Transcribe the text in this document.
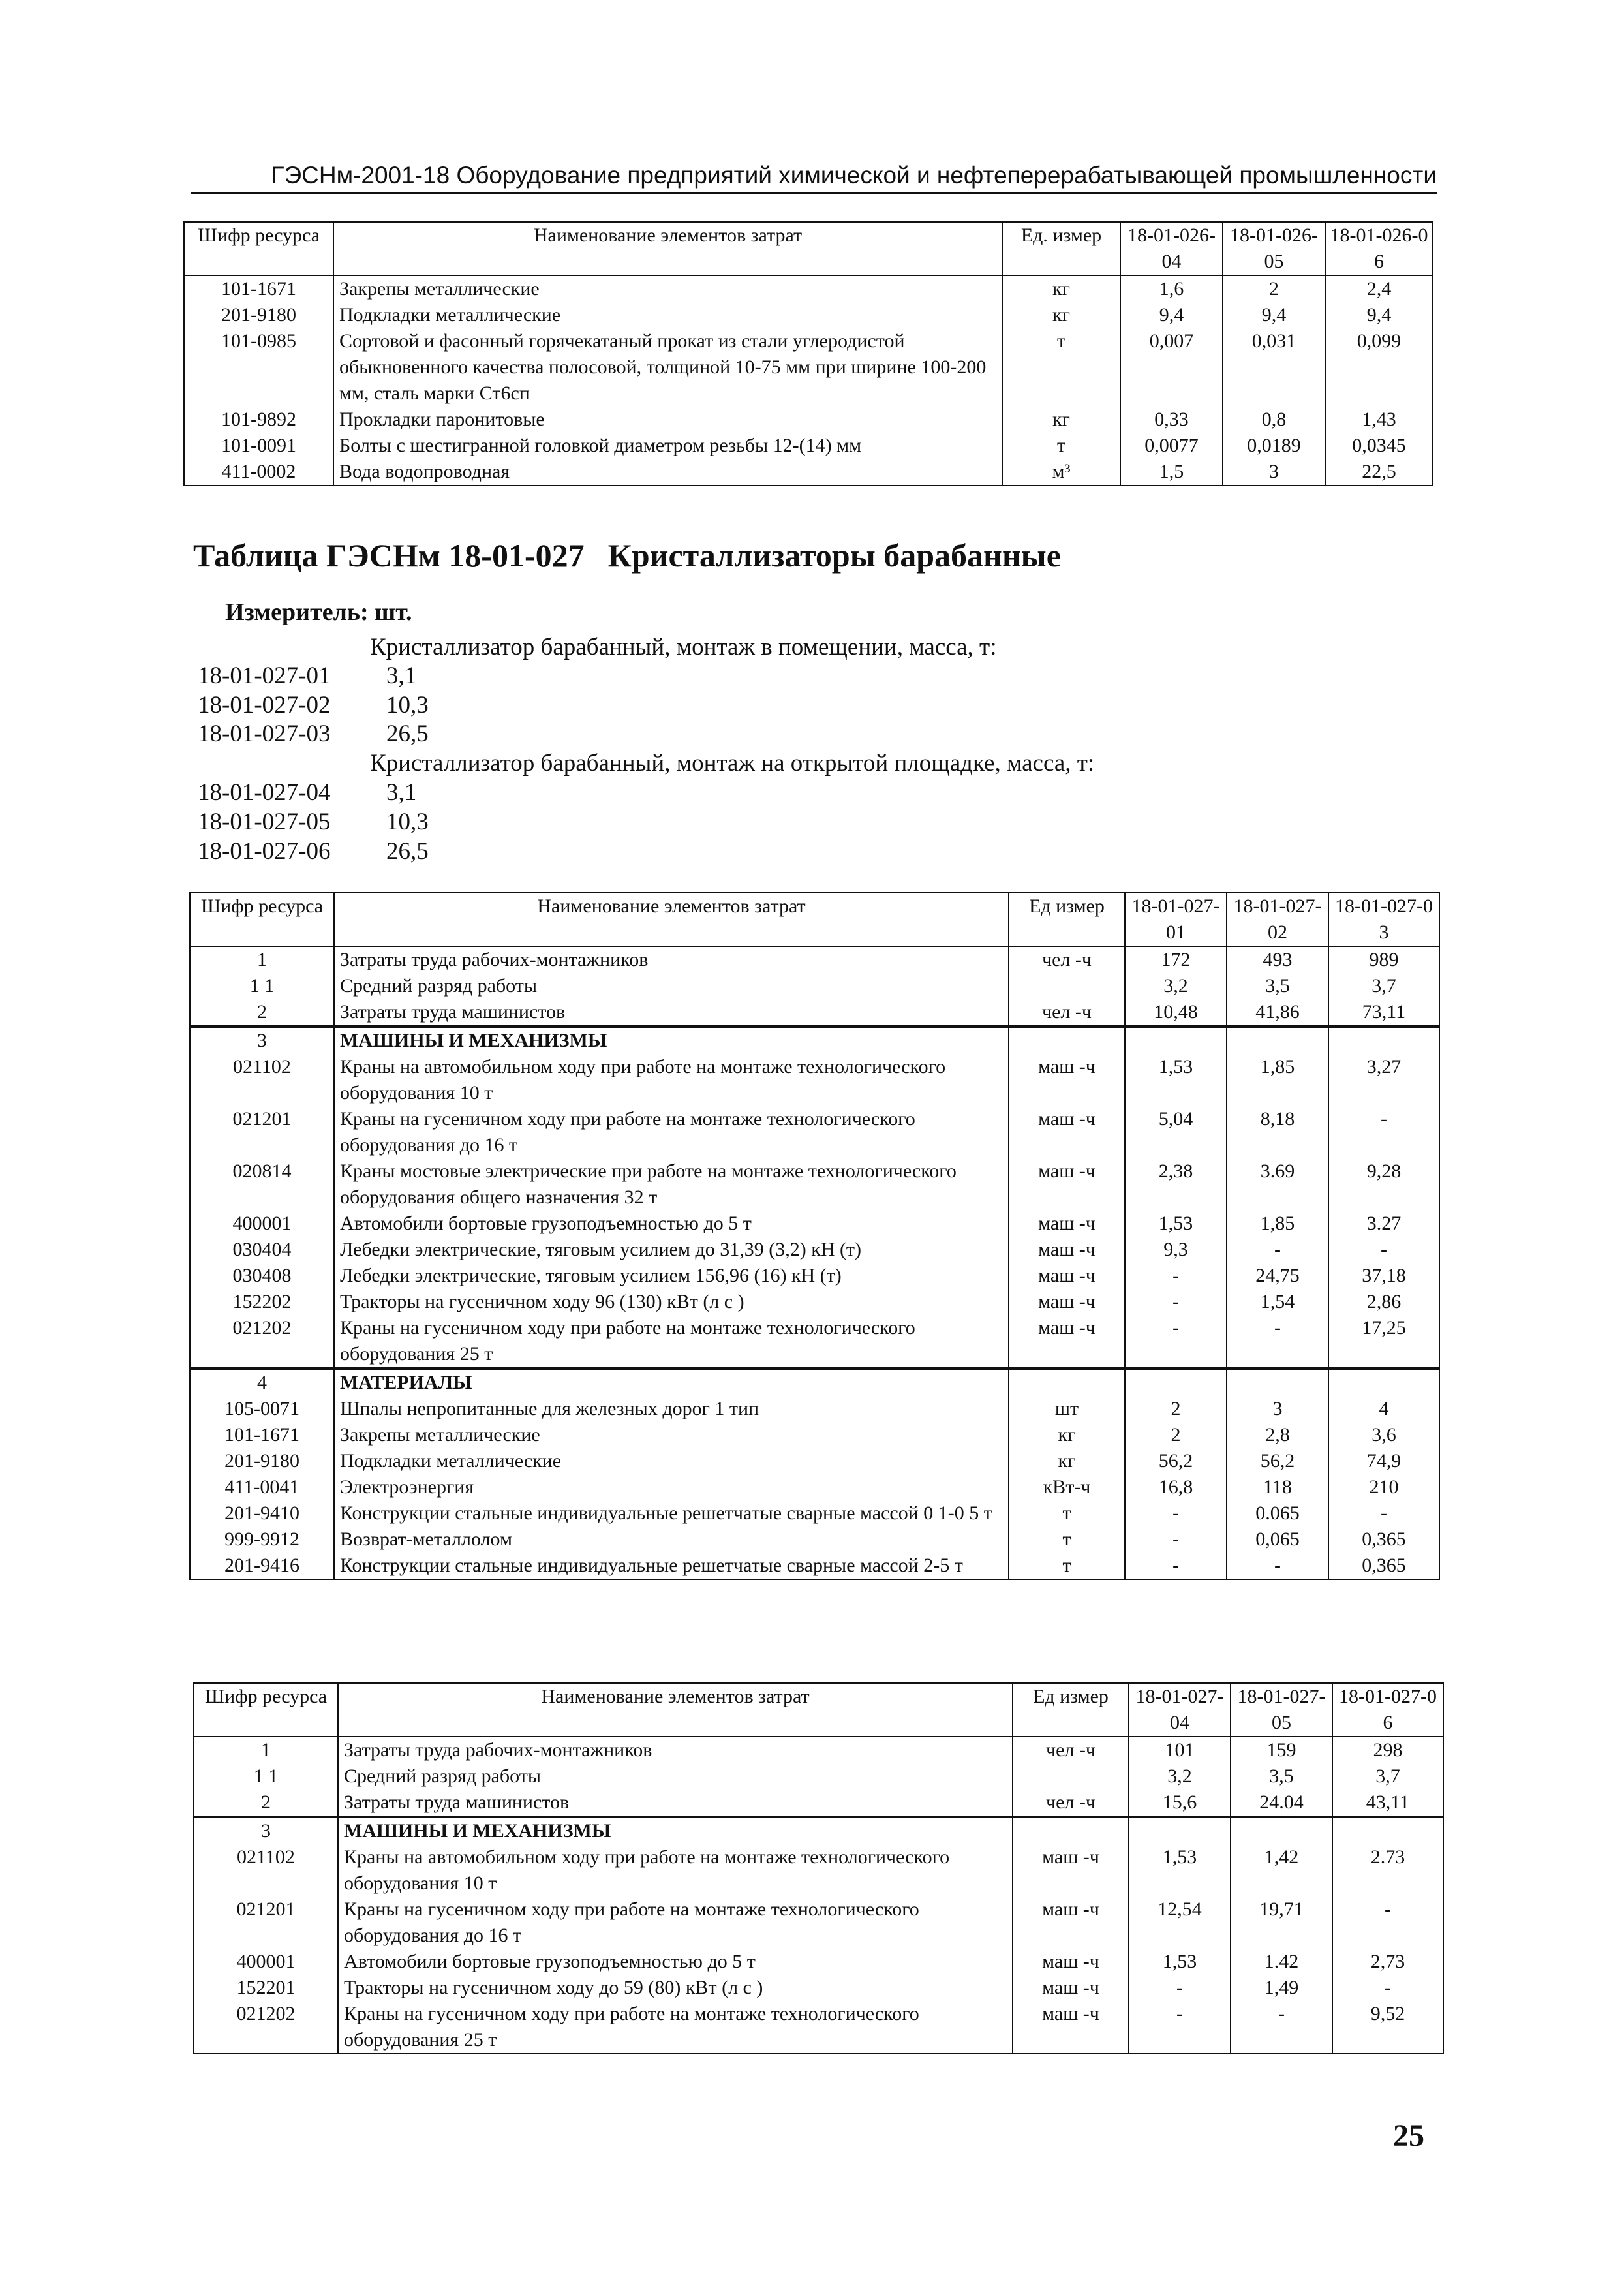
ГЭСНм-2001-18 Оборудование предприятий химической и нефтеперерабатывающей промышленности
Шифр ресурса	Наименование элементов затрат	Ед. измер	18-01-026-04	18-01-026-05	18-01-026-06
101-1671	Закрепы металлические	кг	1,6	2	2,4
201-9180	Подкладки металлические	кг	9,4	9,4	9,4
101-0985	Сортовой и фасонный горячекатаный прокат из стали углеродистой обыкновенного качества полосовой, толщиной 10-75 мм при ширине 100-200 мм, сталь марки Ст6сп	т	0,007	0,031	0,099
101-9892	Прокладки паронитовые	кг	0,33	0,8	1,43
101-0091	Болты с шестигранной головкой диаметром резьбы 12-(14) мм	т	0,0077	0,0189	0,0345
411-0002	Вода водопроводная	м³	1,5	3	22,5
Таблица ГЭСНм 18-01-027 Кристаллизаторы барабанные
Измеритель: шт.
Кристаллизатор барабанный, монтаж в помещении, масса, т:
18-01-027-01 3,1
18-01-027-02 10,3
18-01-027-03 26,5
Кристаллизатор барабанный, монтаж на открытой площадке, масса, т:
18-01-027-04 3,1
18-01-027-05 10,3
18-01-027-06 26,5
Шифр ресурса	Наименование элементов затрат	Ед измер	18-01-027-01	18-01-027-02	18-01-027-03
1	Затраты труда рабочих-монтажников	чел -ч	172	493	989
1 1	Средний разряд работы		3,2	3,5	3,7
2	Затраты труда машинистов	чел -ч	10,48	41,86	73,11
3	МАШИНЫ И МЕХАНИЗМЫ				
021102	Краны на автомобильном ходу при работе на монтаже технологического оборудования 10 т	маш -ч	1,53	1,85	3,27
021201	Краны на гусеничном ходу при работе на монтаже технологического оборудования до 16 т	маш -ч	5,04	8,18	-
020814	Краны мостовые электрические при работе на монтаже технологического оборудования общего назначения 32 т	маш -ч	2,38	3.69	9,28
400001	Автомобили бортовые грузоподъемностью до 5 т	маш -ч	1,53	1,85	3.27
030404	Лебедки электрические, тяговым усилием до 31,39 (3,2) кН (т)	маш -ч	9,3	-	-
030408	Лебедки электрические, тяговым усилием 156,96 (16) кН (т)	маш -ч	-	24,75	37,18
152202	Тракторы на гусеничном ходу 96 (130) кВт (л с )	маш -ч	-	1,54	2,86
021202	Краны на гусеничном ходу при работе на монтаже технологического оборудования 25 т	маш -ч	-	-	17,25
4	МАТЕРИАЛЫ				
105-0071	Шпалы непропитанные для железных дорог 1 тип	шт	2	3	4
101-1671	Закрепы металлические	кг	2	2,8	3,6
201-9180	Подкладки металлические	кг	56,2	56,2	74,9
411-0041	Электроэнергия	кВт-ч	16,8	118	210
201-9410	Конструкции стальные индивидуальные решетчатые сварные массой 0 1-0 5 т	т	-	0.065	-
999-9912	Возврат-металлолом	т	-	0,065	0,365
201-9416	Конструкции стальные индивидуальные решетчатые сварные массой 2-5 т	т	-	-	0,365
Шифр ресурса	Наименование элементов затрат	Ед измер	18-01-027-04	18-01-027-05	18-01-027-06
1	Затраты труда рабочих-монтажников	чел -ч	101	159	298
1 1	Средний разряд работы		3,2	3,5	3,7
2	Затраты труда машинистов	чел -ч	15,6	24.04	43,11
3	МАШИНЫ И МЕХАНИЗМЫ				
021102	Краны на автомобильном ходу при работе на монтаже технологического оборудования 10 т	маш -ч	1,53	1,42	2.73
021201	Краны на гусеничном ходу при работе на монтаже технологического оборудования до 16 т	маш -ч	12,54	19,71	-
400001	Автомобили бортовые грузоподъемностью до 5 т	маш -ч	1,53	1.42	2,73
152201	Тракторы на гусеничном ходу до 59 (80) кВт (л с )	маш -ч	-	1,49	-
021202	Краны на гусеничном ходу при работе на монтаже технологического оборудования 25 т	маш -ч	-	-	9,52
25
